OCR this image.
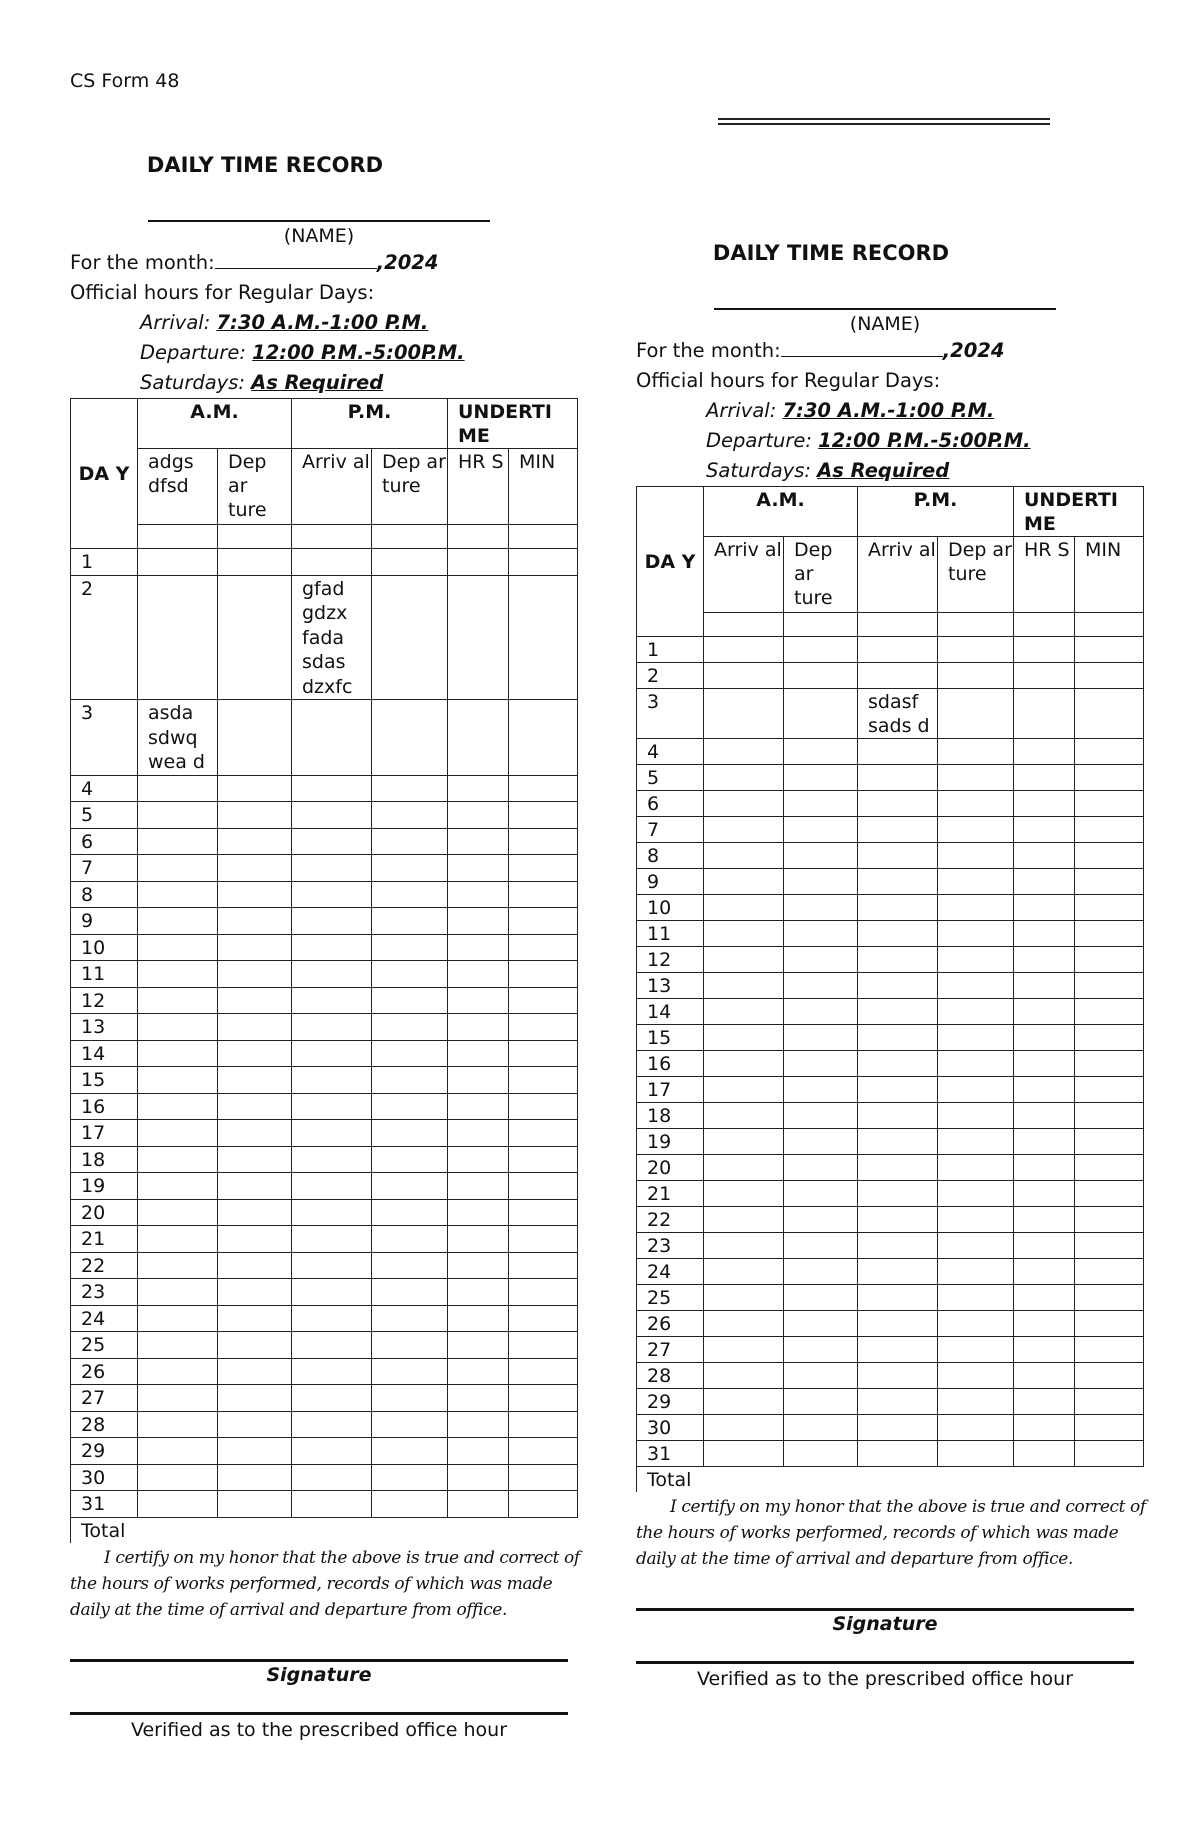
CS Form 48
DAILY TIME RECORD
(NAME)
For the month:	,2024
Official hours for Regular Days:
Arrival: 7:30 A.M.-1:00 P.M.
Departure: 12:00 P.M.-5:00P.M.
Saturdays: As Required
DA Y	A.M.		P.M.		UNDERTI ME	
	adgs dfsd	Dep ar ture	Arriv al	Dep ar ture	HR S	MIN

1						
2			gfad gdzx fada sdas dzxfc			
3	asda sdwq wea d					
4						
5						
6						
7						
8						
9						
10						
11						
12						
13						
14						
15						
16						
17						
18						
19						
20						
21						
22						
23						
24						
25						
26						
27						
28						
29						
30						
31						
Total						
I certify on my honor that the above is true and correct of
the hours of works performed, records of which was made
daily at the time of arrival and departure from office.
Signature
Verified as to the prescribed office hour
DAILY TIME RECORD
(NAME)
For the month:	,2024
Official hours for Regular Days:
Arrival: 7:30 A.M.-1:00 P.M.
Departure: 12:00 P.M.-5:00P.M.
Saturdays: As Required
DA Y	A.M.		P.M.		UNDERTI ME	
	Arriv al	Dep ar ture	Arriv al	Dep ar ture	HR S	MIN

1						
2						
3			sdasf sads d			
4						
5						
6						
7						
8						
9						
10						
11						
12						
13						
14						
15						
16						
17						
18						
19						
20						
21						
22						
23						
24						
25						
26						
27						
28						
29						
30						
31						
Total						
I certify on my honor that the above is true and correct of
the hours of works performed, records of which was made
daily at the time of arrival and departure from office.
Signature
Verified as to the prescribed office hour
